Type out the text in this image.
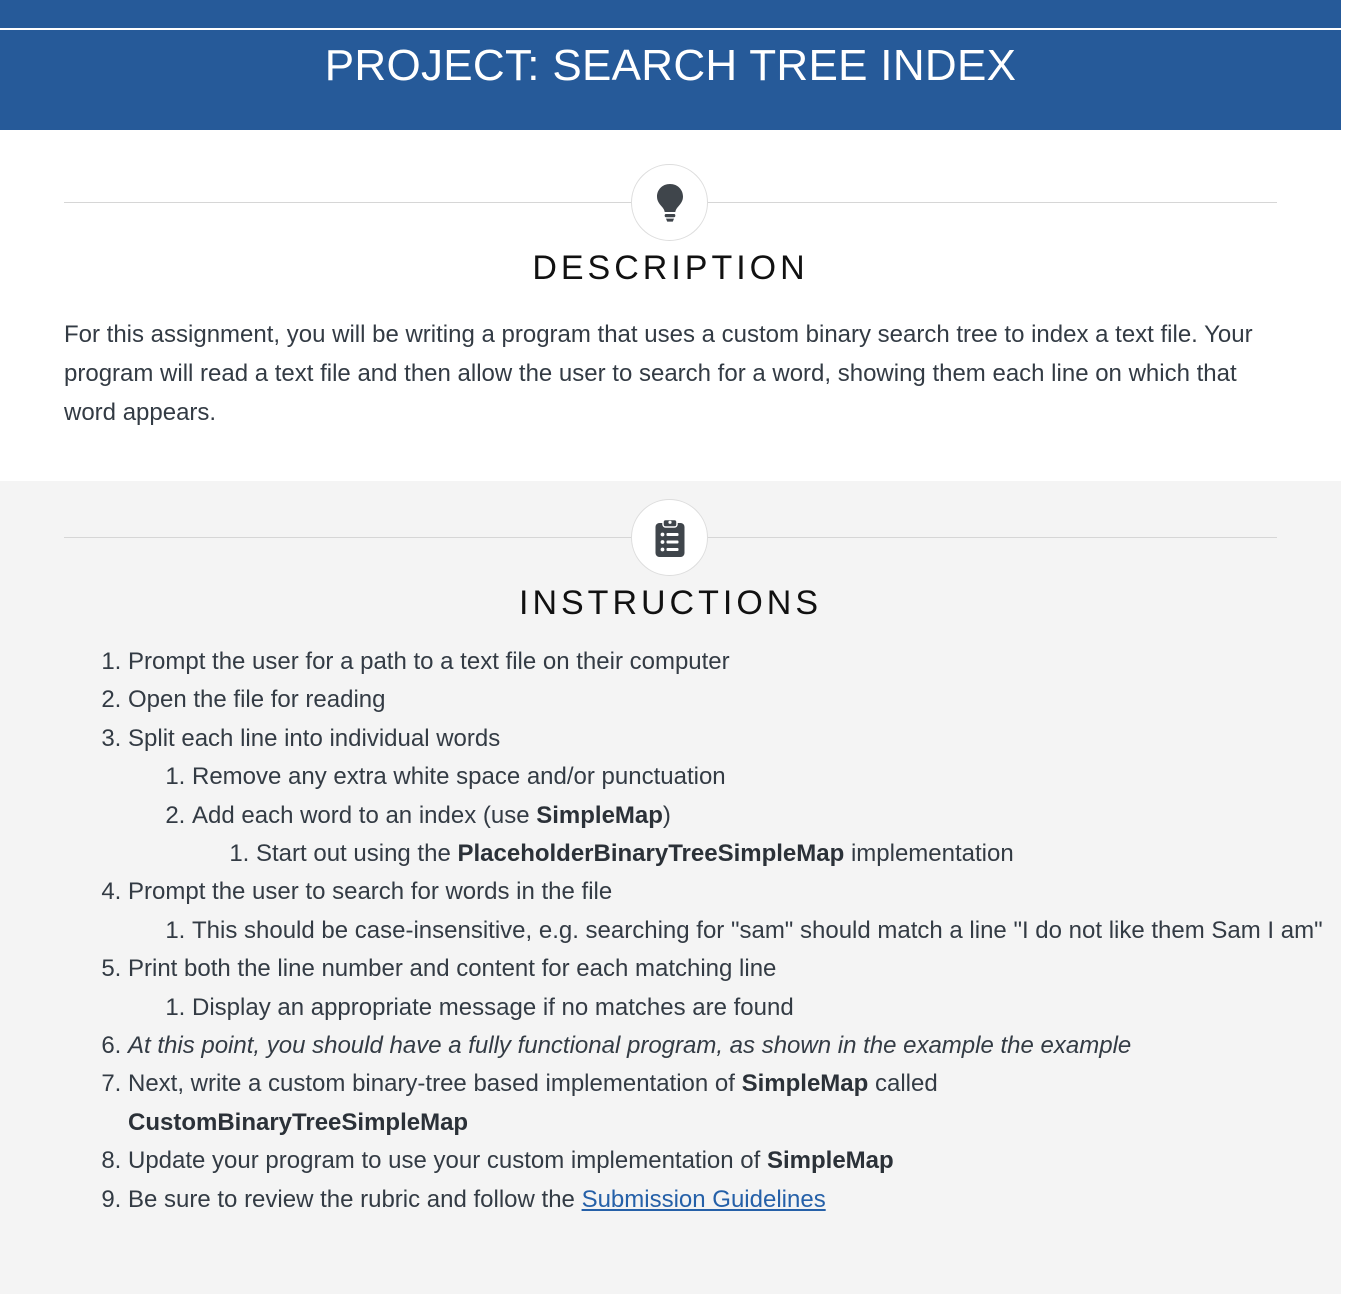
PROJECT: SEARCH TREE INDEX
DESCRIPTION

For this assignment, you will be writing a program that uses a custom binary search tree to index a text file. Your program will read a text file and then allow the user to search for a word, showing them each line on which that word appears.

INSTRUCTIONS
1. Prompt the user for a path to a text file on their computer
2. Open the file for reading
3. Split each line into individual words
1. Remove any extra white space and/or punctuation
2. Add each word to an index (use SimpleMap)
1. Start out using the PlaceholderBinaryTreeSimpleMap implementation
4. Prompt the user to search for words in the file
1. This should be case-insensitive, e.g. searching for "sam" should match a line "I do not like them Sam I am"
5. Print both the line number and content for each matching line
1. Display an appropriate message if no matches are found
6. At this point, you should have a fully functional program, as shown in the example the example
7. Next, write a custom binary-tree based implementation of SimpleMap called
CustomBinaryTreeSimpleMap
8. Update your program to use your custom implementation of SimpleMap
9. Be sure to review the rubric and follow the Submission Guidelines
